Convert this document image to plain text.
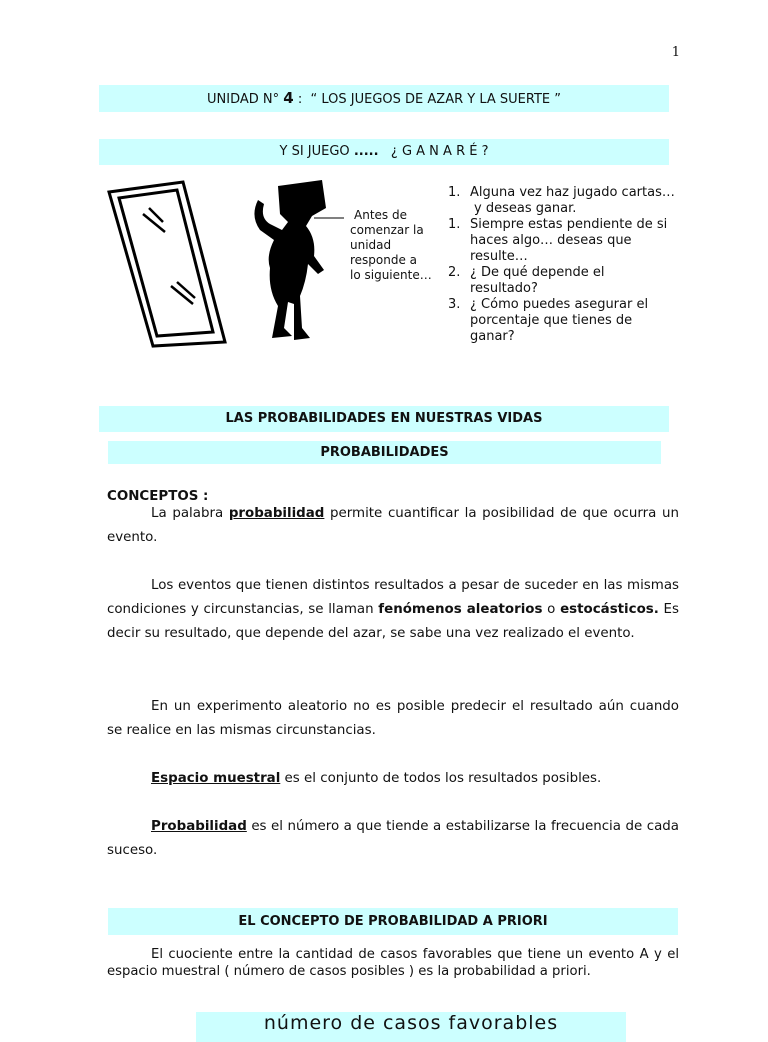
1
UNIDAD N° 4 : “ LOS JUEGOS DE AZAR Y LA SUERTE ”
Y SI JUEGO ..... ¿ G A N A R É ?
Antes de
comenzar la
unidad
responde a
lo siguiente…
1. Alguna vez haz jugado cartas…
y deseas ganar.
1. Siempre estas pendiente de si haces algo… deseas que resulte…
2. ¿ De qué depende el resultado?
3. ¿ Cómo puedes asegurar el porcentaje que tienes de ganar?
LAS PROBABILIDADES EN NUESTRAS VIDAS
PROBABILIDADES
CONCEPTOS :
La palabra probabilidad permite cuantificar la posibilidad de que ocurra un evento.
Los eventos que tienen distintos resultados a pesar de suceder en las mismas condiciones y circunstancias, se llaman fenómenos aleatorios o estocásticos. Es decir su resultado, que depende del azar, se sabe una vez realizado el evento.
En un experimento aleatorio no es posible predecir el resultado aún cuando se realice en las mismas circunstancias.
Espacio muestral es el conjunto de todos los resultados posibles.
Probabilidad es el número a que tiende a estabilizarse la frecuencia de cada suceso.
EL CONCEPTO DE PROBABILIDAD A PRIORI
El cuociente entre la cantidad de casos favorables que tiene un evento A y el espacio muestral ( número de casos posibles ) es la probabilidad a priori.
número de casos favorables
